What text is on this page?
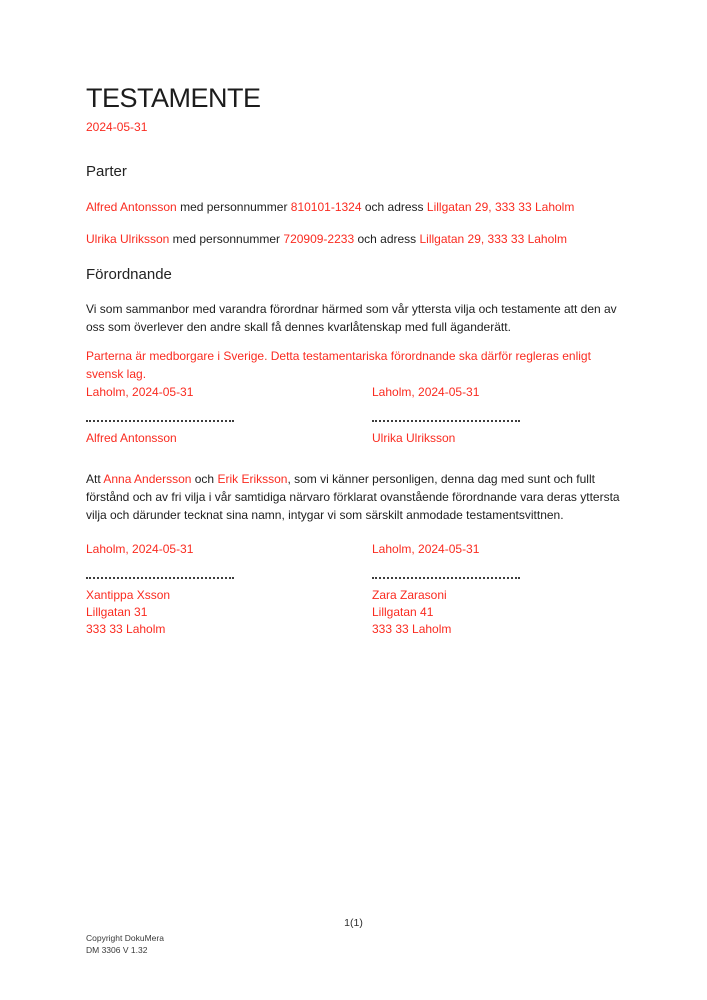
TESTAMENTE
2024-05-31
Parter

Alfred Antonsson med personnummer 810101-1324 och adress Lillgatan 29, 333 33 Laholm

Ulrika Ulriksson med personnummer 720909-2233 och adress Lillgatan 29, 333 33 Laholm

Förordnande

Vi som sammanbor med varandra förordnar härmed som vår yttersta vilja och testamente att den av oss som överlever den andre skall få dennes kvarlåtenskap med full äganderätt.

Parterna är medborgare i Sverige. Detta testamentariska förordnande ska därför regleras enligt svensk lag.

Laholm, 2024-05-31
Alfred Antonsson
Laholm, 2024-05-31
Ulrika Ulriksson

Att Anna Andersson och Erik Eriksson, som vi känner personligen, denna dag med sunt och fullt förstånd och av fri vilja i vår samtidiga närvaro förklarat ovanstående förordnande vara deras yttersta vilja och därunder tecknat sina namn, intygar vi som särskilt anmodade testamentsvittnen.

Laholm, 2024-05-31
Xantippa Xsson
Lillgatan 31
333 33 Laholm
Laholm, 2024-05-31
Zara Zarasoni
Lillgatan 41
333 33 Laholm
1(1)
Copyright DokuMera
DM 3306 V 1.32
